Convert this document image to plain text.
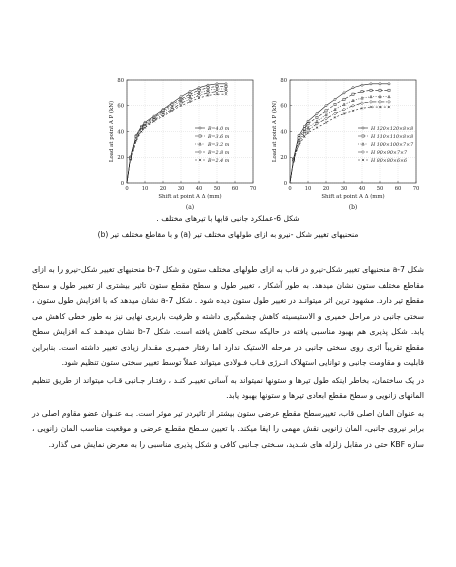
0	10 20 30 40 50 60 70
0
20
40
60
80
Shift at point A Δ (mm)
Load at point A P (kN)
(a)
B=4.0 m
B=3.6 m
B=3.2 m
B=2.8 m
B=2.4 m
0	10 20 30 40 50 60 70
0
20
40
60
80
Shift at point A Δ (mm)
Load at point A P (kN)
(b)
H 120×120×8×8
H 110×110×8×8
H 100×100×7×7
H 90×90×7×7
H 80×80×6×6
شکل 6-عملکرد جانبی قابها با تیرهای مختلف .
منحنیهای تغییر شکل -نیرو به ازای طولهای مختلف تیر (a) و با مقاطع مختلف تیر (b)

شکل 7-a منحنیهای تغییر شکل-نیرو در قاب به ازای طولهای مختلف ستون و شکل 7-b منحنیهای تغییر شکل-نیرو را به ازای مقاطع مختلف ستون نشان میدهد. به طور آشکار ، تغییر طول و سطح مقطع ستون تاثیر بیشتری از تغییر طول و سطح مقطع تیر دارد. مشهود ترین اثر میتوانـد در تغییر طول ستون دیده شود . شکل 7-a نشان میدهد که با افزایش طول ستون ، سختی جانبی در مراحل خمیری و الاستیسیته کاهش چشمگیری داشته و ظرفیت باربری نهایی نیز به طور خطی کاهش می یابد. شکل پذیری هم بهبود مناسبی یافته در حالیکه سختی کاهش یافته است. شکل 7-b نشان میدهـد کـه افزایش سطح مقطع تقریباً اثری روی سختی جانبی در مرحله الاستیک ندارد اما رفتار خمیـری مقـدار زیادی تغییر داشته است. بنابراین قابلیت و مقاومت جانبی و توانایی استهلاک انـرژی قـاب فـولادی میتواند عملاً توسط تغییر سختی ستون تنظیم شود.

در یک ساختمان، بخاطر اینکه طول تیرها و ستونها نمیتواند به آسانی تغییـر کنـد ، رفتـار جـانبی قـاب میتواند از طریق تنظیم المانهای زانویی و سطح مقطع ابعادی تیرها و ستونها بهبود یابد.

به عنوان المان اصلی قاب، تغییرسطح مقطع عرضی ستون بیشتر از تاثیردر تیر موثر است. بـه عنـوان عضو مقاوم اصلی در برابر نیروی جانبی، المان زانویی نقش مهمی را ایفا میکند. با تعیین سـطح مقطـع عرضی و موقعیت مناسب المان زانویی ، سازه KBF حتی در مقابل زلزله های شـدید، سـختی جـانبی کافی و شکل پذیری مناسبی را به معرض نمایش می گذارد.
